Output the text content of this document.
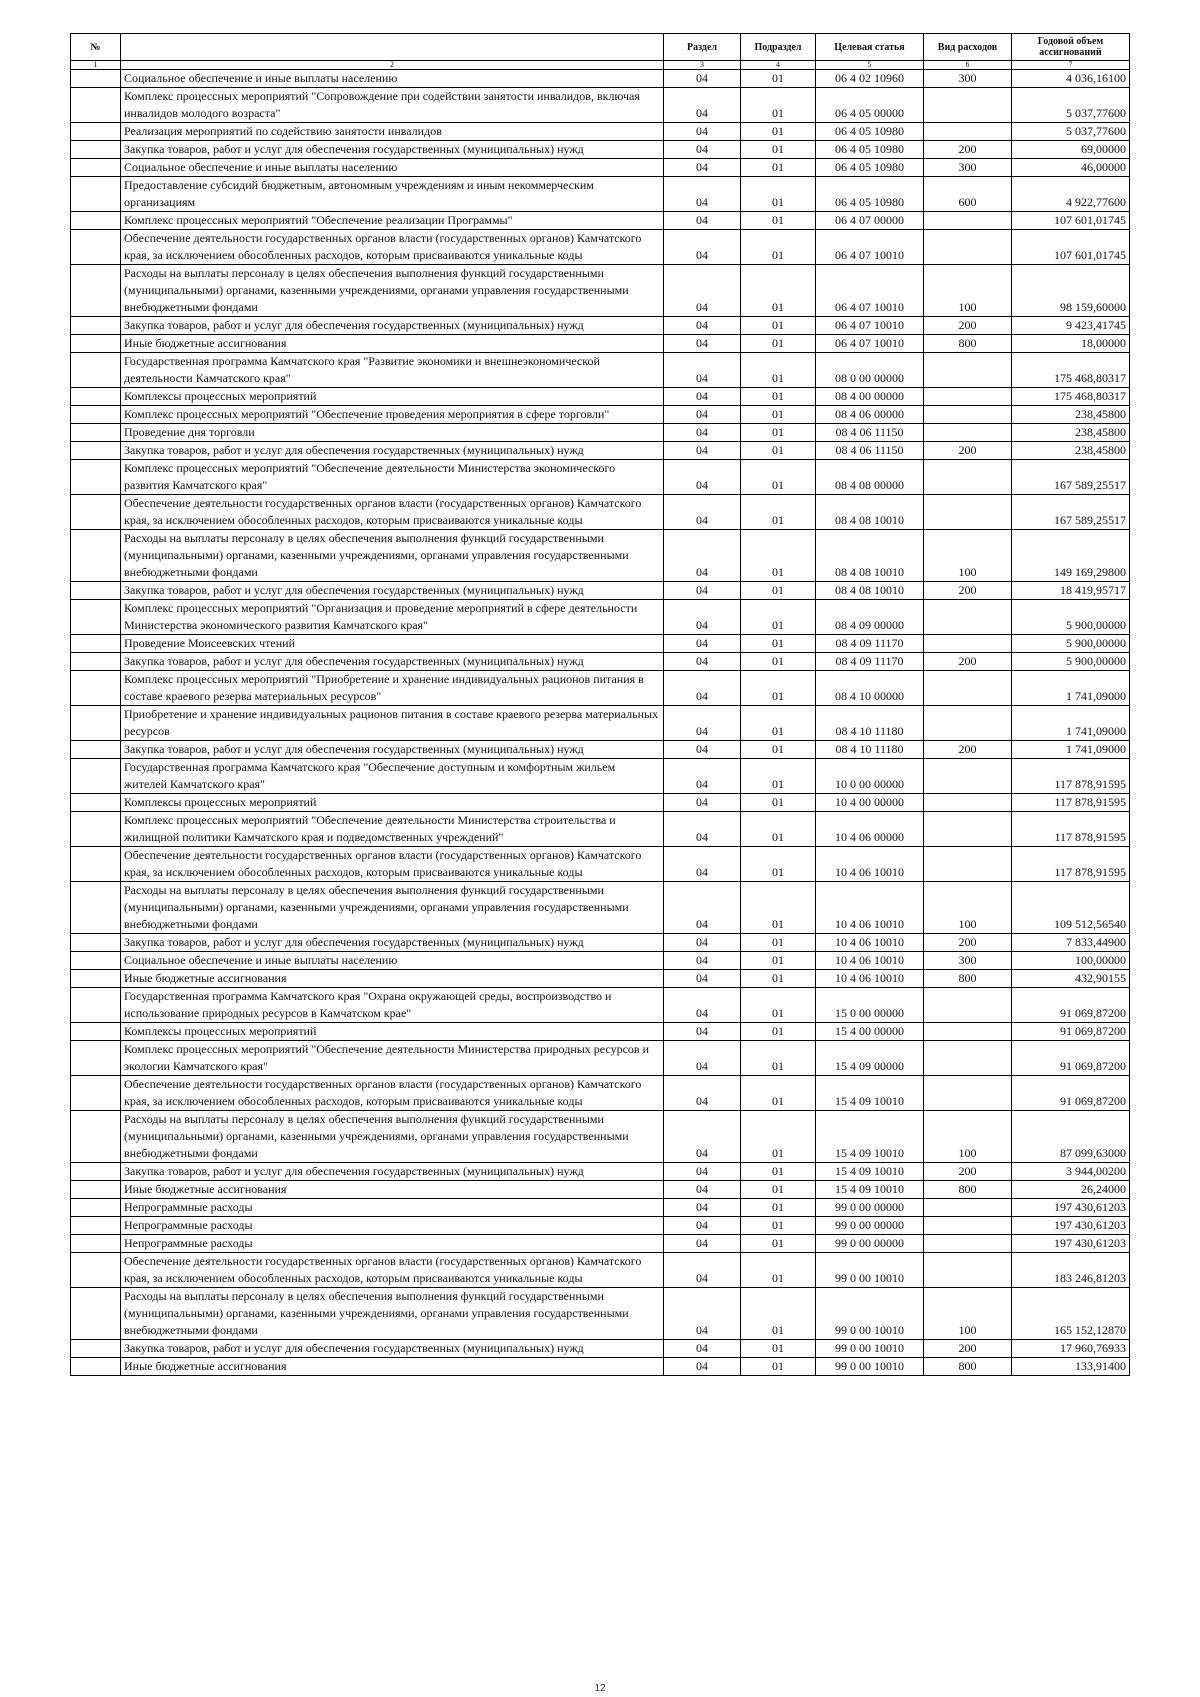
№		Раздел	Подраздел	Целевая статья	Вид расходов	Годовой объем ассигнований
1	2	3	4	5	6	7
	Социальное обеспечение и иные выплаты населению	04	01	06 4 02 10960	300	4 036,16100
	Комплекс процессных мероприятий "Сопровождение при содействии занятости инвалидов, включая инвалидов молодого возраста"	04	01	06 4 05 00000		5 037,77600
	Реализация мероприятий по содействию занятости инвалидов	04	01	06 4 05 10980		5 037,77600
	Закупка товаров, работ и услуг для обеспечения государственных (муниципальных) нужд	04	01	06 4 05 10980	200	69,00000
	Социальное обеспечение и иные выплаты населению	04	01	06 4 05 10980	300	46,00000
	Предоставление субсидий бюджетным, автономным учреждениям и иным некоммерческим организациям	04	01	06 4 05 10980	600	4 922,77600
	Комплекс процессных мероприятий "Обеспечение реализации Программы"	04	01	06 4 07 00000		107 601,01745
	Обеспечение деятельности государственных органов власти (государственных органов) Камчатского края, за исключением обособленных расходов, которым присваиваются уникальные коды	04	01	06 4 07 10010		107 601,01745
	Расходы на выплаты персоналу в целях обеспечения выполнения функций государственными (муниципальными) органами, казенными учреждениями, органами управления государственными внебюджетными фондами	04	01	06 4 07 10010	100	98 159,60000
	Закупка товаров, работ и услуг для обеспечения государственных (муниципальных) нужд	04	01	06 4 07 10010	200	9 423,41745
	Иные бюджетные ассигнования	04	01	06 4 07 10010	800	18,00000
	Государственная программа Камчатского края "Развитие экономики и внешнеэкономической деятельности Камчатского края"	04	01	08 0 00 00000		175 468,80317
	Комплексы процессных мероприятий	04	01	08 4 00 00000		175 468,80317
	Комплекс процессных мероприятий "Обеспечение проведения мероприятия в сфере торговли"	04	01	08 4 06 00000		238,45800
	Проведение дня торговли	04	01	08 4 06 11150		238,45800
	Закупка товаров, работ и услуг для обеспечения государственных (муниципальных) нужд	04	01	08 4 06 11150	200	238,45800
	Комплекс процессных мероприятий "Обеспечение деятельности Министерства экономического развития Камчатского края"	04	01	08 4 08 00000		167 589,25517
	Обеспечение деятельности государственных органов власти (государственных органов) Камчатского края, за исключением обособленных расходов, которым присваиваются уникальные коды	04	01	08 4 08 10010		167 589,25517
	Расходы на выплаты персоналу в целях обеспечения выполнения функций государственными (муниципальными) органами, казенными учреждениями, органами управления государственными внебюджетными фондами	04	01	08 4 08 10010	100	149 169,29800
	Закупка товаров, работ и услуг для обеспечения государственных (муниципальных) нужд	04	01	08 4 08 10010	200	18 419,95717
	Комплекс процессных мероприятий "Организация и проведение мероприятий в сфере деятельности Министерства экономического развития Камчатского края"	04	01	08 4 09 00000		5 900,00000
	Проведение Моисеевских чтений	04	01	08 4 09 11170		5 900,00000
	Закупка товаров, работ и услуг для обеспечения государственных (муниципальных) нужд	04	01	08 4 09 11170	200	5 900,00000
	Комплекс процессных мероприятий "Приобретение и хранение индивидуальных рационов питания в составе краевого резерва материальных ресурсов"	04	01	08 4 10 00000		1 741,09000
	Приобретение и хранение индивидуальных рационов питания в составе краевого резерва материальных ресурсов	04	01	08 4 10 11180		1 741,09000
	Закупка товаров, работ и услуг для обеспечения государственных (муниципальных) нужд	04	01	08 4 10 11180	200	1 741,09000
	Государственная программа Камчатского края "Обеспечение доступным и комфортным жильем жителей Камчатского края"	04	01	10 0 00 00000		117 878,91595
	Комплексы процессных мероприятий	04	01	10 4 00 00000		117 878,91595
	Комплекс процессных мероприятий "Обеспечение деятельности Министерства строительства и жилищной политики Камчатского края и подведомственных учреждений"	04	01	10 4 06 00000		117 878,91595
	Обеспечение деятельности государственных органов власти (государственных органов) Камчатского края, за исключением обособленных расходов, которым присваиваются уникальные коды	04	01	10 4 06 10010		117 878,91595
	Расходы на выплаты персоналу в целях обеспечения выполнения функций государственными (муниципальными) органами, казенными учреждениями, органами управления государственными внебюджетными фондами	04	01	10 4 06 10010	100	109 512,56540
	Закупка товаров, работ и услуг для обеспечения государственных (муниципальных) нужд	04	01	10 4 06 10010	200	7 833,44900
	Социальное обеспечение и иные выплаты населению	04	01	10 4 06 10010	300	100,00000
	Иные бюджетные ассигнования	04	01	10 4 06 10010	800	432,90155
	Государственная программа Камчатского края "Охрана окружающей среды, воспроизводство и использование природных ресурсов в Камчатском крае"	04	01	15 0 00 00000		91 069,87200
	Комплексы процессных мероприятий	04	01	15 4 00 00000		91 069,87200
	Комплекс процессных мероприятий "Обеспечение деятельности Министерства природных ресурсов и экологии Камчатского края"	04	01	15 4 09 00000		91 069,87200
	Обеспечение деятельности государственных органов власти (государственных органов) Камчатского края, за исключением обособленных расходов, которым присваиваются уникальные коды	04	01	15 4 09 10010		91 069,87200
	Расходы на выплаты персоналу в целях обеспечения выполнения функций государственными (муниципальными) органами, казенными учреждениями, органами управления государственными внебюджетными фондами	04	01	15 4 09 10010	100	87 099,63000
	Закупка товаров, работ и услуг для обеспечения государственных (муниципальных) нужд	04	01	15 4 09 10010	200	3 944,00200
	Иные бюджетные ассигнования	04	01	15 4 09 10010	800	26,24000
	Непрограммные расходы	04	01	99 0 00 00000		197 430,61203
	Непрограммные расходы	04	01	99 0 00 00000		197 430,61203
	Непрограммные расходы	04	01	99 0 00 00000		197 430,61203
	Обеспечение деятельности государственных органов власти (государственных органов) Камчатского края, за исключением обособленных расходов, которым присваиваются уникальные коды	04	01	99 0 00 10010		183 246,81203
	Расходы на выплаты персоналу в целях обеспечения выполнения функций государственными (муниципальными) органами, казенными учреждениями, органами управления государственными внебюджетными фондами	04	01	99 0 00 10010	100	165 152,12870
	Закупка товаров, работ и услуг для обеспечения государственных (муниципальных) нужд	04	01	99 0 00 10010	200	17 960,76933
	Иные бюджетные ассигнования	04	01	99 0 00 10010	800	133,91400
12
